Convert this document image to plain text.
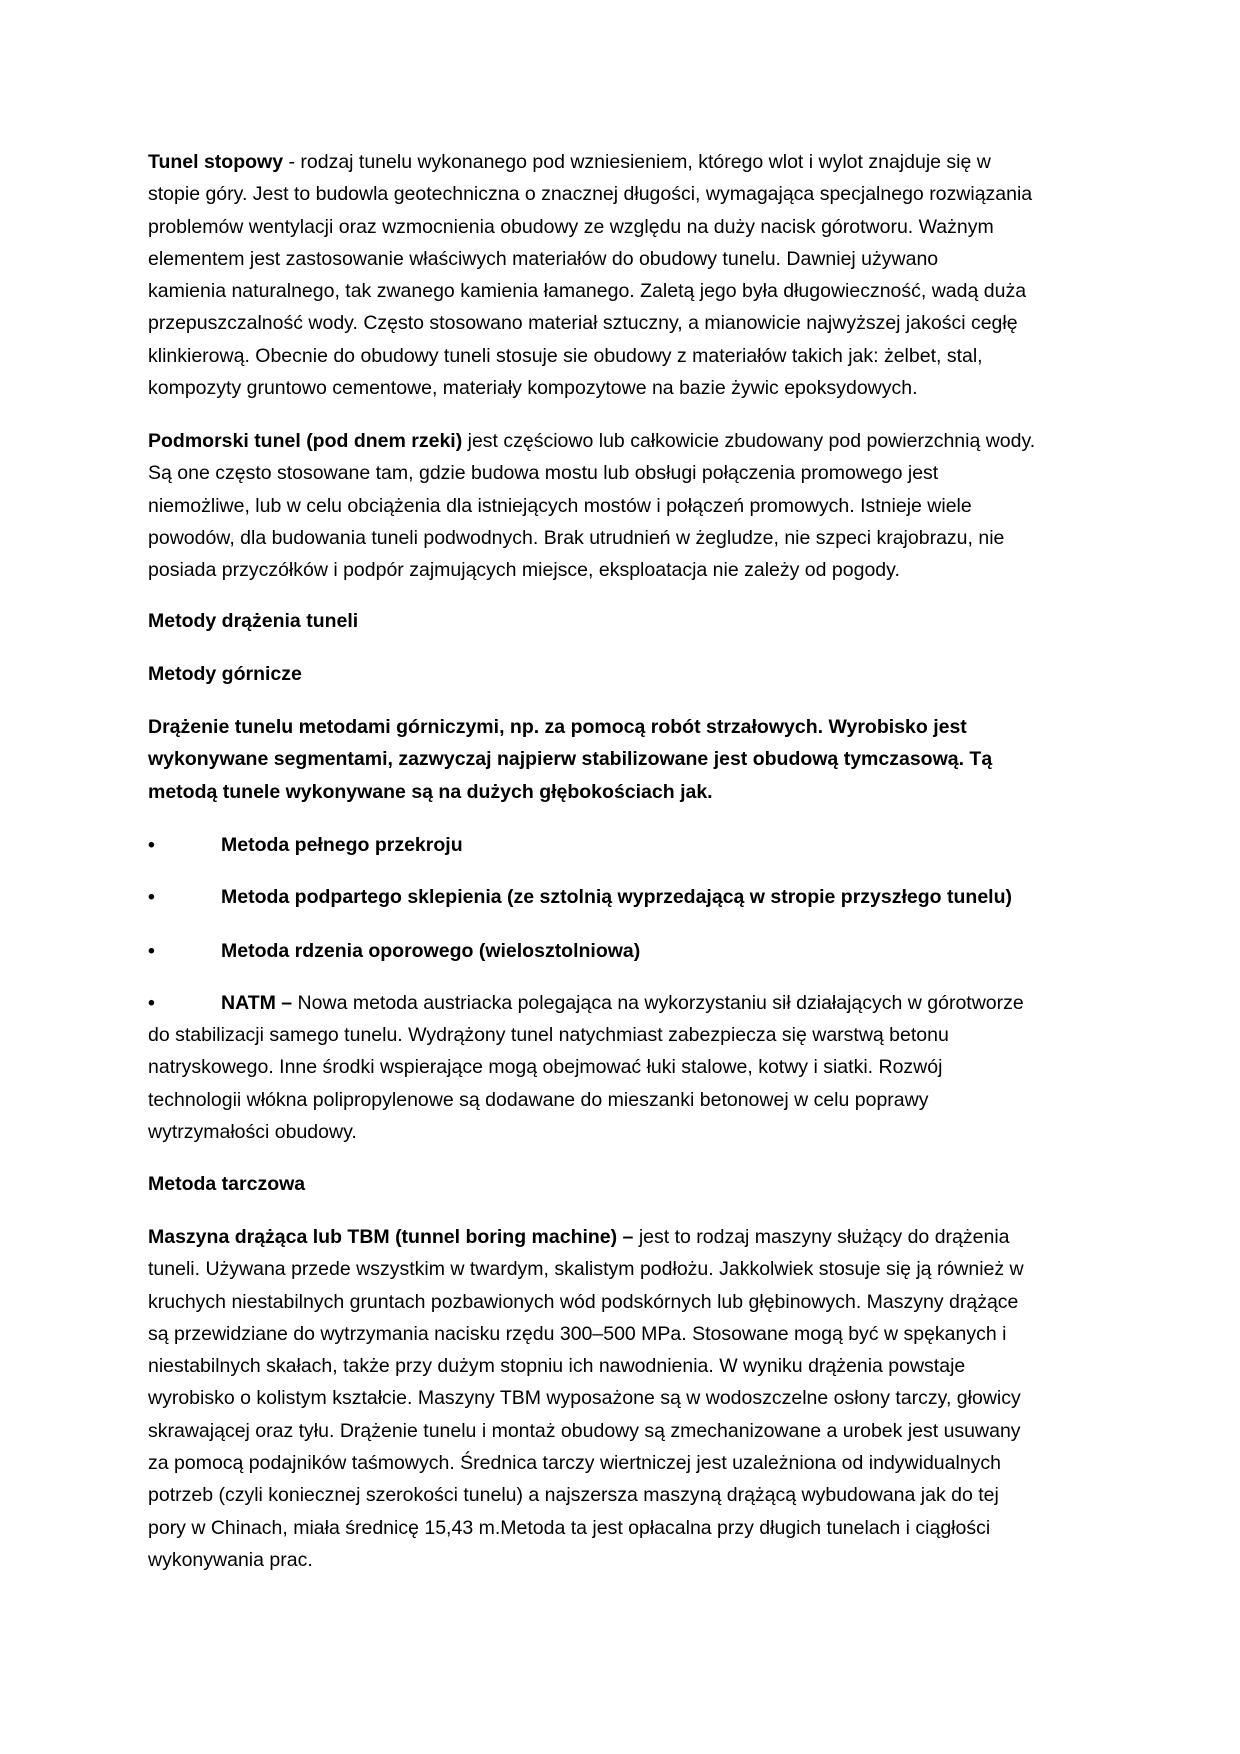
Tunel stopowy - rodzaj tunelu wykonanego pod wzniesieniem, którego wlot i wylot znajduje się w
stopie góry. Jest to budowla geotechniczna o znacznej długości, wymagająca specjalnego rozwiązania
problemów wentylacji oraz wzmocnienia obudowy ze względu na duży nacisk górotworu. Ważnym
elementem jest zastosowanie właściwych materiałów do obudowy tunelu. Dawniej używano
kamienia naturalnego, tak zwanego kamienia łamanego. Zaletą jego była długowieczność, wadą duża
przepuszczalność wody. Często stosowano materiał sztuczny, a mianowicie najwyższej jakości cegłę
klinkierową. Obecnie do obudowy tuneli stosuje sie obudowy z materiałów takich jak: żelbet, stal,
kompozyty gruntowo cementowe, materiały kompozytowe na bazie żywic epoksydowych.
Podmorski tunel (pod dnem rzeki) jest częściowo lub całkowicie zbudowany pod powierzchnią wody.
Są one często stosowane tam, gdzie budowa mostu lub obsługi połączenia promowego jest
niemożliwe, lub w celu obciążenia dla istniejących mostów i połączeń promowych. Istnieje wiele
powodów, dla budowania tuneli podwodnych. Brak utrudnień w żegludze, nie szpeci krajobrazu, nie
posiada przyczółków i podpór zajmujących miejsce, eksploatacja nie zależy od pogody.
Metody drążenia tuneli
Metody górnicze
Drążenie tunelu metodami górniczymi, np. za pomocą robót strzałowych. Wyrobisko jest
wykonywane segmentami, zazwyczaj najpierw stabilizowane jest obudową tymczasową. Tą
metodą tunele wykonywane są na dużych głębokościach jak.
do stabilizacji samego tunelu. Wydrążony tunel natychmiast zabezpiecza się warstwą betonu
natryskowego. Inne środki wspierające mogą obejmować łuki stalowe, kotwy i siatki. Rozwój
technologii włókna polipropylenowe są dodawane do mieszanki betonowej w celu poprawy
wytrzymałości obudowy.
Metoda tarczowa
Maszyna drążąca lub TBM (tunnel boring machine) – jest to rodzaj maszyny służący do drążenia
tuneli. Używana przede wszystkim w twardym, skalistym podłożu. Jakkolwiek stosuje się ją również w
kruchych niestabilnych gruntach pozbawionych wód podskórnych lub głębinowych. Maszyny drążące
są przewidziane do wytrzymania nacisku rzędu 300–500 MPa. Stosowane mogą być w spękanych i
niestabilnych skałach, także przy dużym stopniu ich nawodnienia. W wyniku drążenia powstaje
wyrobisko o kolistym kształcie. Maszyny TBM wyposażone są w wodoszczelne osłony tarczy, głowicy
skrawającej oraz tyłu. Drążenie tunelu i montaż obudowy są zmechanizowane a urobek jest usuwany
za pomocą podajników taśmowych. Średnica tarczy wiertniczej jest uzależniona od indywidualnych
potrzeb (czyli koniecznej szerokości tunelu) a najszersza maszyną drążącą wybudowana jak do tej
pory w Chinach, miała średnicę 15,43 m.Metoda ta jest opłacalna przy długich tunelach i ciągłości
wykonywania prac.
•	Metoda pełnego przekroju
•	Metoda podpartego sklepienia (ze sztolnią wyprzedającą w stropie przyszłego tunelu)
•	Metoda rdzenia oporowego (wielosztolniowa)
•	NATM – Nowa metoda austriacka polegająca na wykorzystaniu sił działających w górotworze
